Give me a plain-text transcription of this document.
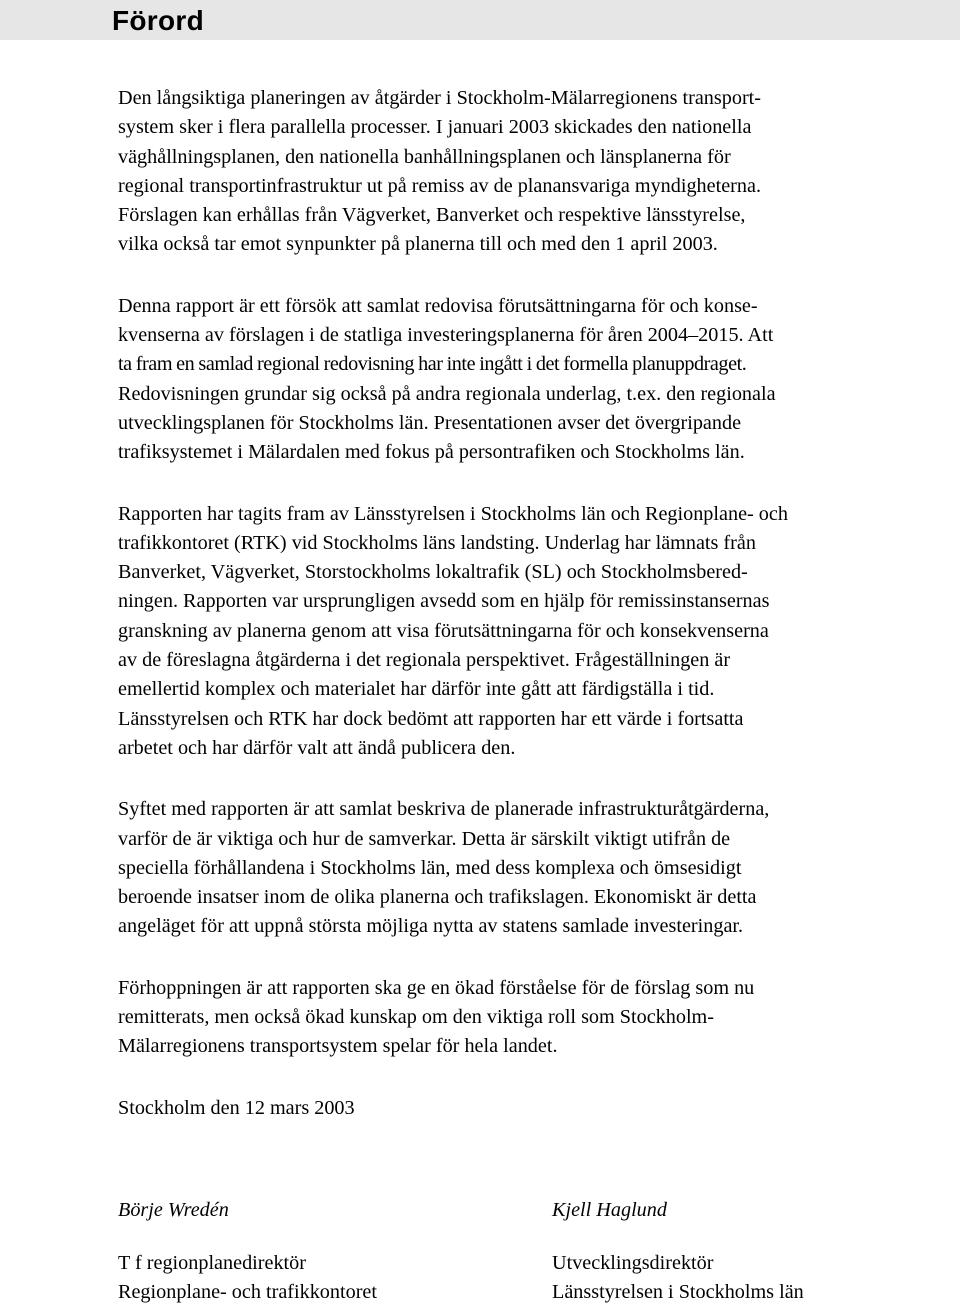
Förord

Den långsiktiga planeringen av åtgärder i Stockholm-Mälarregionens transport-
system sker i flera parallella processer. I januari 2003 skickades den nationella
väghållningsplanen, den nationella banhållningsplanen och länsplanerna för
regional transportinfrastruktur ut på remiss av de planansvariga myndigheterna.
Förslagen kan erhållas från Vägverket, Banverket och respektive länsstyrelse,
vilka också tar emot synpunkter på planerna till och med den 1 april 2003.

Denna rapport är ett försök att samlat redovisa förutsättningarna för och konse-
kvenserna av förslagen i de statliga investeringsplanerna för åren 2004–2015. Att
ta fram en samlad regional redovisning har inte ingått i det formella planuppdraget.
Redovisningen grundar sig också på andra regionala underlag, t.ex. den regionala
utvecklingsplanen för Stockholms län. Presentationen avser det övergripande
trafiksystemet i Mälardalen med fokus på persontrafiken och Stockholms län.

Rapporten har tagits fram av Länsstyrelsen i Stockholms län och Regionplane- och
trafikkontoret (RTK) vid Stockholms läns landsting. Underlag har lämnats från
Banverket, Vägverket, Storstockholms lokaltrafik (SL) och Stockholmsbered-
ningen. Rapporten var ursprungligen avsedd som en hjälp för remissinstansernas
granskning av planerna genom att visa förutsättningarna för och konsekvenserna
av de föreslagna åtgärderna i det regionala perspektivet. Frågeställningen är
emellertid komplex och materialet har därför inte gått att färdigställa i tid.
Länsstyrelsen och RTK har dock bedömt att rapporten har ett värde i fortsatta
arbetet och har därför valt att ändå publicera den.

Syftet med rapporten är att samlat beskriva de planerade infrastrukturåtgärderna,
varför de är viktiga och hur de samverkar. Detta är särskilt viktigt utifrån de
speciella förhållandena i Stockholms län, med dess komplexa och ömsesidigt
beroende insatser inom de olika planerna och trafikslagen. Ekonomiskt är detta
angeläget för att uppnå största möjliga nytta av statens samlade investeringar.

Förhoppningen är att rapporten ska ge en ökad förståelse för de förslag som nu
remitterats, men också ökad kunskap om den viktiga roll som Stockholm-
Mälarregionens transportsystem spelar för hela landet.

Stockholm den 12 mars 2003
Börje Wredén
T f regionplanedirektör
Regionplane- och trafikkontoret
Kjell Haglund
Utvecklingsdirektör
Länsstyrelsen i Stockholms län
